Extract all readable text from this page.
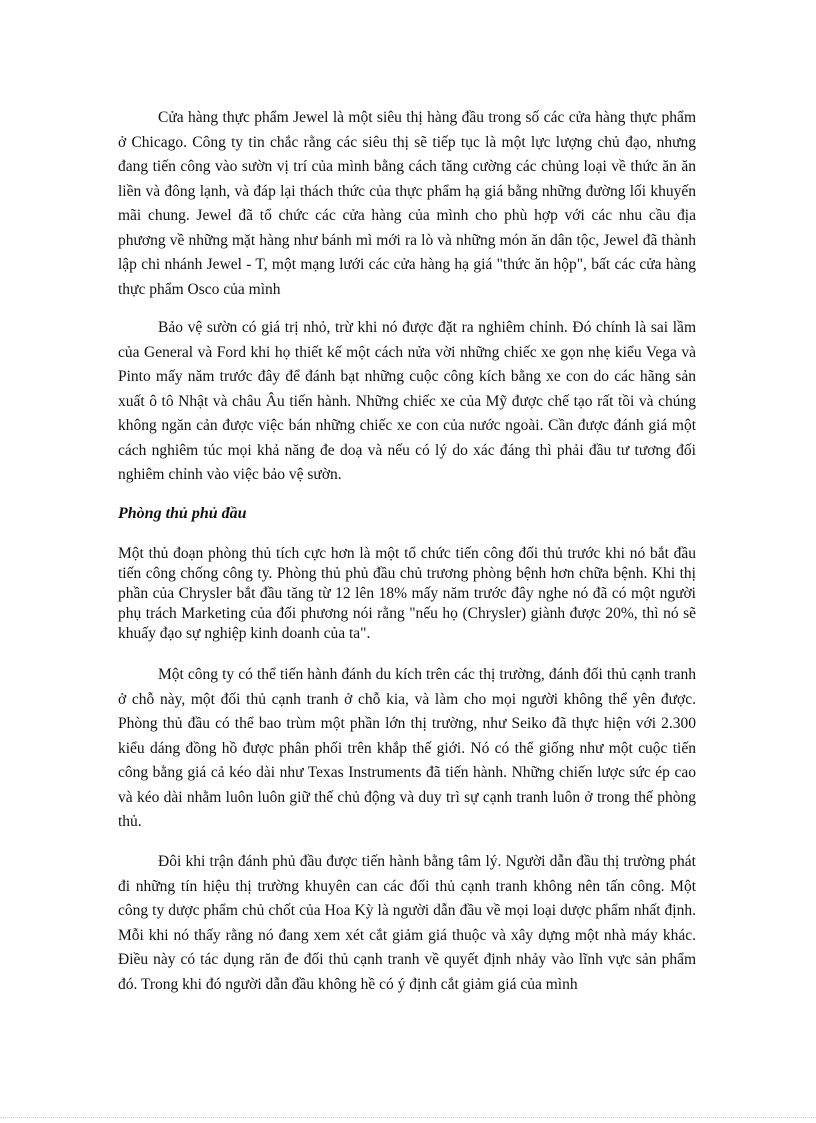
Cửa hàng thực phẩm Jewel là một siêu thị hàng đầu trong số các cửa hàng thực phẩm ở Chicago. Công ty tin chắc rằng các siêu thị sẽ tiếp tục là một lực lượng chủ đạo, nhưng đang tiến công vào sườn vị trí của mình bằng cách tăng cường các chủng loại về thức ăn ăn liền và đông lạnh, và đáp lại thách thức của thực phẩm hạ giá bằng những đường lối khuyến mãi chung. Jewel đã tổ chức các cửa hàng của mình cho phù hợp với các nhu cầu địa phương về những mặt hàng như bánh mì mới ra lò và những món ăn dân tộc, Jewel đã thành lập chi nhánh Jewel - T, một mạng lưới các cửa hàng hạ giá "thức ăn hộp", bất các cửa hàng thực phẩm Osco của mình

Bảo vệ sườn có giá trị nhỏ, trừ khi nó được đặt ra nghiêm chỉnh. Đó chính là sai lầm của General và Ford khi họ thiết kế một cách nửa vời những chiếc xe gọn nhẹ kiểu Vega và Pinto mấy năm trước đây để đánh bạt những cuộc công kích bằng xe con do các hãng sản xuất ô tô Nhật và châu Âu tiến hành. Những chiếc xe của Mỹ được chế tạo rất tồi và chúng không ngăn cản được việc bán những chiếc xe con của nước ngoài. Cần được đánh giá một cách nghiêm túc mọi khả năng đe doạ và nếu có lý do xác đáng thì phải đầu tư tương đối nghiêm chỉnh vào việc bảo vệ sườn.

Phòng thủ phủ đầu

Một thủ đoạn phòng thủ tích cực hơn là một tổ chức tiến công đối thủ trước khi nó bắt đầu tiến công chống công ty. Phòng thủ phủ đầu chủ trương phòng bệnh hơn chữa bệnh. Khi thị phần của Chrysler bắt đầu tăng từ 12 lên 18% mấy năm trước đây nghe nó đã có một người phụ trách Marketing của đối phương nói rằng "nếu họ (Chrysler) giành được 20%, thì nó sẽ khuấy đạo sự nghiệp kinh doanh của ta".

Một công ty có thể tiến hành đánh du kích trên các thị trường, đánh đối thủ cạnh tranh ở chỗ này, một đối thủ cạnh tranh ở chỗ kia, và làm cho mọi người không thể yên được. Phòng thủ đầu có thể bao trùm một phần lớn thị trường, như Seiko đã thực hiện với 2.300 kiểu dáng đồng hồ được phân phối trên khắp thế giới. Nó có thể giống như một cuộc tiến công bằng giá cả kéo dài như Texas Instruments đã tiến hành. Những chiến lược sức ép cao và kéo dài nhằm luôn luôn giữ thế chủ động và duy trì sự cạnh tranh luôn ở trong thế phòng thủ.

Đôi khi trận đánh phủ đầu được tiến hành bằng tâm lý. Người dẫn đầu thị trường phát đi những tín hiệu thị trường khuyên can các đối thủ cạnh tranh không nên tấn công. Một công ty dược phẩm chủ chốt của Hoa Kỳ là người dẫn đầu về mọi loại dược phẩm nhất định. Mỗi khi nó thấy rằng nó đang xem xét cắt giảm giá thuộc và xây dựng một nhà máy khác. Điều này có tác dụng răn đe đối thủ cạnh tranh về quyết định nhảy vào lĩnh vực sản phẩm đó. Trong khi đó người dẫn đầu không hề có ý định cắt giảm giá của mình
